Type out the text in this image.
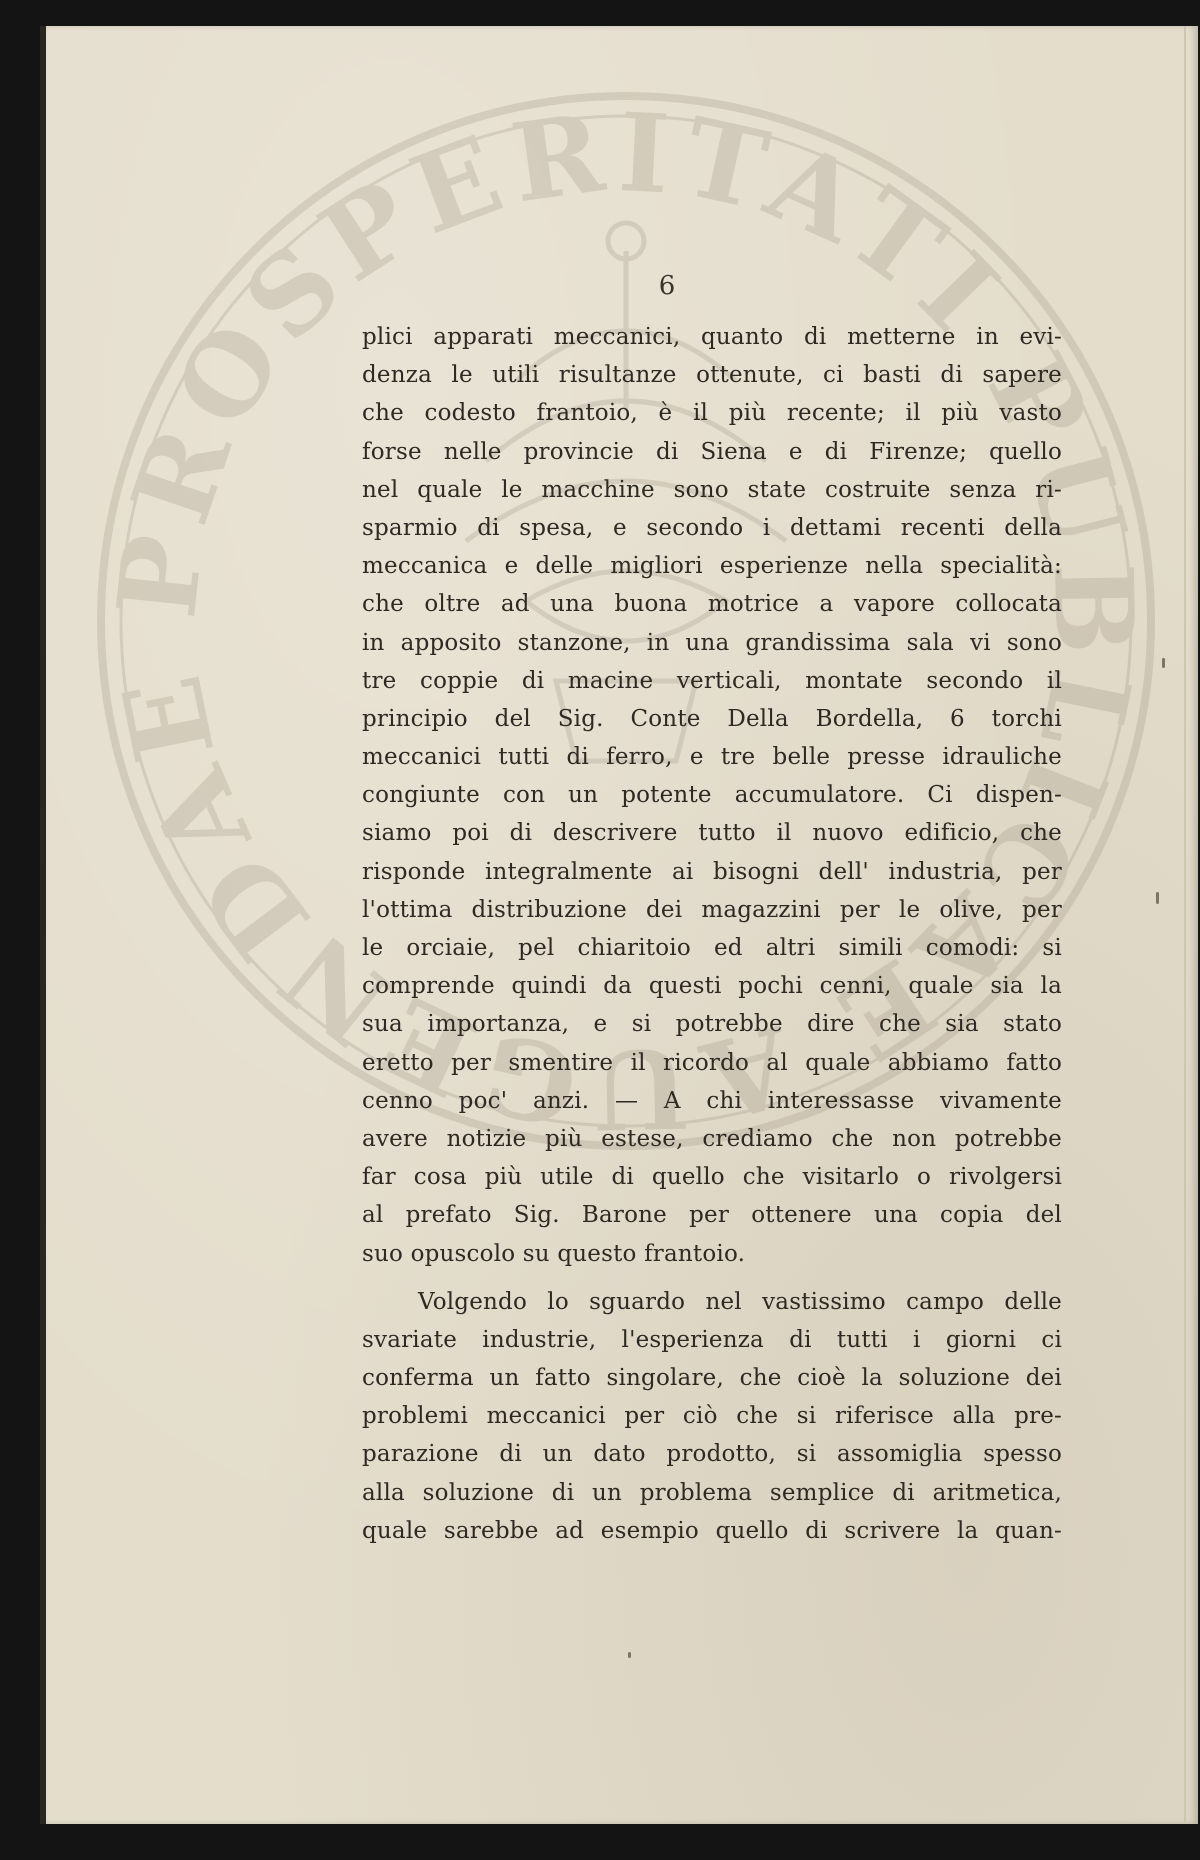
PROSPERITATI PUBLICAE AUGENDAE
6
plici apparati meccanici, quanto di metterne in evi-
denza le utili risultanze ottenute, ci basti di sapere
che codesto frantoio, è il più recente; il più vasto
forse nelle provincie di Siena e di Firenze; quello
nel quale le macchine sono state costruite senza ri-
sparmio di spesa, e secondo i dettami recenti della
meccanica e delle migliori esperienze nella specialità:
che oltre ad una buona motrice a vapore collocata
in apposito stanzone, in una grandissima sala vi sono
tre coppie di macine verticali, montate secondo il
principio del Sig. Conte Della Bordella, 6 torchi
meccanici tutti di ferro, e tre belle presse idrauliche
congiunte con un potente accumulatore. Ci dispen-
siamo poi di descrivere tutto il nuovo edificio, che
risponde integralmente ai bisogni dell' industria, per
l'ottima distribuzione dei magazzini per le olive, per
le orciaie, pel chiaritoio ed altri simili comodi: si
comprende quindi da questi pochi cenni, quale sia la
sua importanza, e si potrebbe dire che sia stato
eretto per smentire il ricordo al quale abbiamo fatto
cenno poc' anzi. — A chi interessasse vivamente
avere notizie più estese, crediamo che non potrebbe
far cosa più utile di quello che visitarlo o rivolgersi
al prefato Sig. Barone per ottenere una copia del
suo opuscolo su questo frantoio.
Volgendo lo sguardo nel vastissimo campo delle
svariate industrie, l'esperienza di tutti i giorni ci
conferma un fatto singolare, che cioè la soluzione dei
problemi meccanici per ciò che si riferisce alla pre-
parazione di un dato prodotto, si assomiglia spesso
alla soluzione di un problema semplice di aritmetica,
quale sarebbe ad esempio quello di scrivere la quan-
